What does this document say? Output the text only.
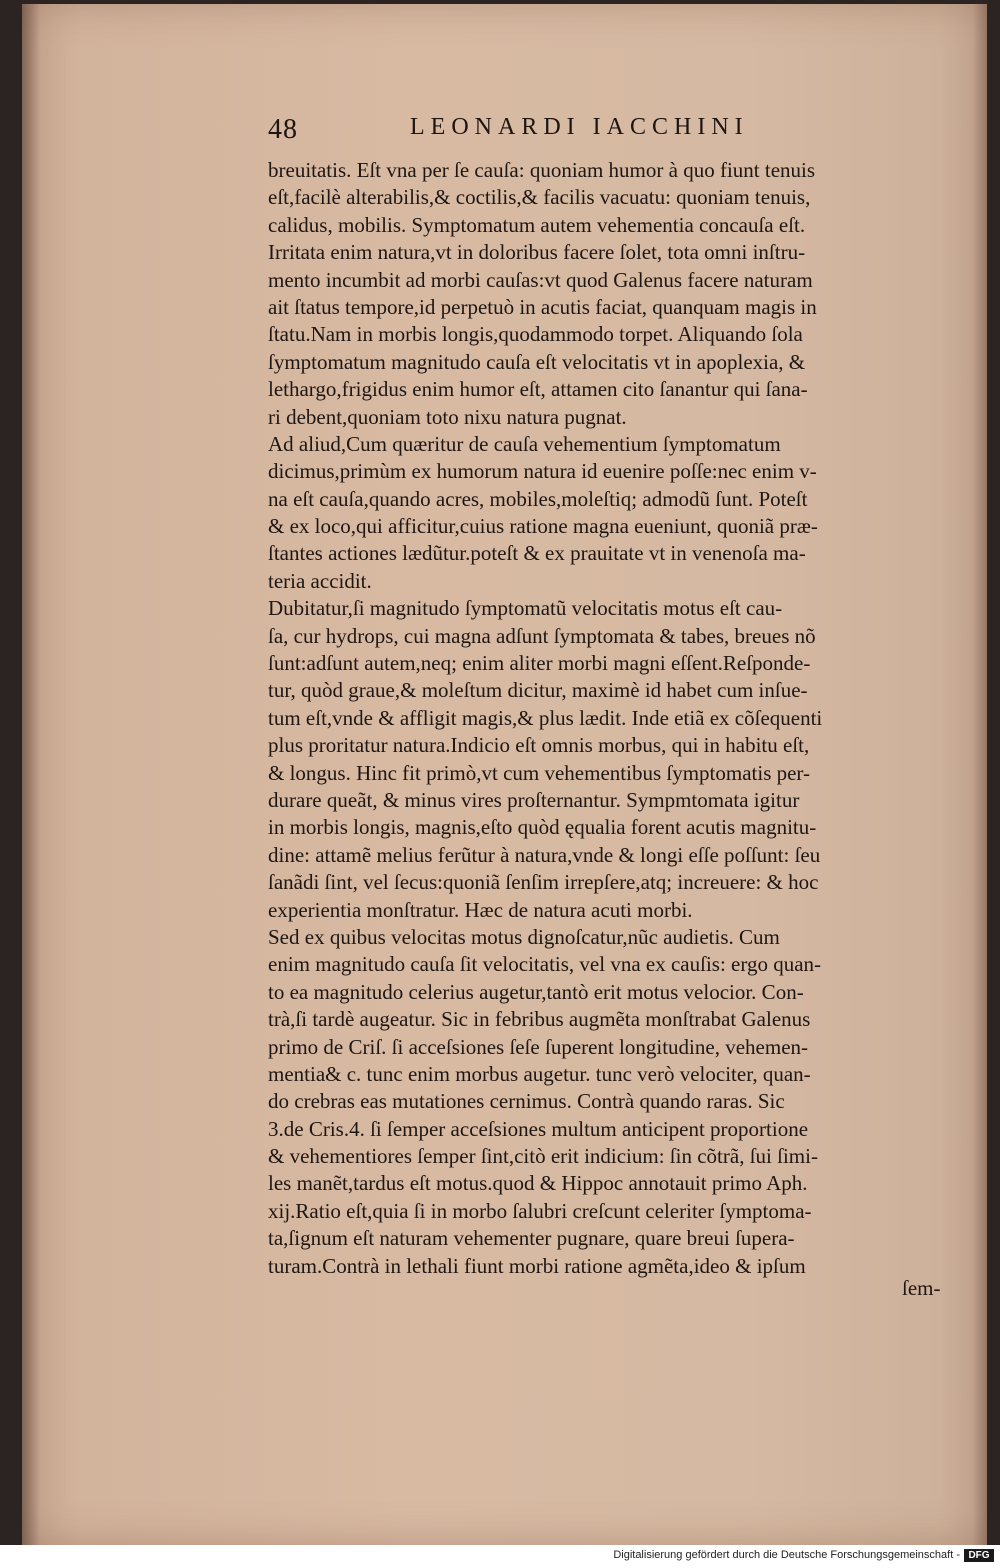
48	LEONARDI IACCHINI
breuitatis. Eſt vna per ſe cauſa: quoniam humor à quo fiunt tenuis
eſt,facilè alterabilis,& coctilis,& facilis vacuatu: quoniam tenuis,
calidus, mobilis. Symptomatum autem vehementia concauſa eſt.
Irritata enim natura,vt in doloribus facere ſolet, tota omni inſtru-
mento incumbit ad morbi cauſas:vt quod Galenus facere naturam
ait ſtatus tempore,id perpetuò in acutis faciat, quanquam magis in
ſtatu.Nam in morbis longis,quodammodo torpet. Aliquando ſola
ſymptomatum magnitudo cauſa eſt velocitatis vt in apoplexia, &
lethargo,frigidus enim humor eſt, attamen cito ſanantur qui ſana-
ri debent,quoniam toto nixu natura pugnat.
Ad aliud,Cum quæritur de cauſa vehementium ſymptomatum
dicimus,primùm ex humorum natura id euenire poſſe:nec enim v-
na eſt cauſa,quando acres, mobiles,moleſtiq; admodũ ſunt. Poteſt
& ex loco,qui afficitur,cuius ratione magna eueniunt, quoniã præ-
ſtantes actiones lædũtur.poteſt & ex prauitate vt in venenoſa ma-
teria accidit.
Dubitatur,ſi magnitudo ſymptomatũ velocitatis motus eſt cau-
ſa, cur hydrops, cui magna adſunt ſymptomata & tabes, breues nõ
ſunt:adſunt autem,neq; enim aliter morbi magni eſſent.Reſponde-
tur, quòd graue,& moleſtum dicitur, maximè id habet cum inſue-
tum eſt,vnde & affligit magis,& plus lædit. Inde etiã ex cõſequenti
plus proritatur natura.Indicio eſt omnis morbus, qui in habitu eſt,
& longus. Hinc fit primò,vt cum vehementibus ſymptomatis per-
durare queãt, & minus vires proſternantur. Sympmtomata igitur
in morbis longis, magnis,eſto quòd ęqualia forent acutis magnitu-
dine: attamẽ melius ferũtur à natura,vnde & longi eſſe poſſunt: ſeu
ſanãdi ſint, vel ſecus:quoniã ſenſim irrepſere,atq; increuere: & hoc
experientia monſtratur. Hæc de natura acuti morbi.
Sed ex quibus velocitas motus dignoſcatur,nũc audietis. Cum
enim magnitudo cauſa ſit velocitatis, vel vna ex cauſis: ergo quan-
to ea magnitudo celerius augetur,tantò erit motus velocior. Con-
trà,ſi tardè augeatur. Sic in febribus augmẽta monſtrabat Galenus
primo de Criſ. ſi acceſsiones ſeſe ſuperent longitudine, vehemen-
mentia& c. tunc enim morbus augetur. tunc verò velociter, quan-
do crebras eas mutationes cernimus. Contrà quando raras. Sic
3.de Cris.4. ſi ſemper acceſsiones multum anticipent proportione
& vehementiores ſemper ſint,citò erit indicium: ſin cõtrã, ſui ſimi-
les manẽt,tardus eſt motus.quod & Hippoc annotauit primo Aph.
xij.Ratio eſt,quia ſi in morbo ſalubri creſcunt celeriter ſymptoma-
ta,ſignum eſt naturam vehementer pugnare, quare breui ſupera-
turam.Contrà in lethali fiunt morbi ratione agmẽta,ideo & ipſum
ſem-
Digitalisierung gefördert durch die Deutsche Forschungsgemeinschaft - DFG
